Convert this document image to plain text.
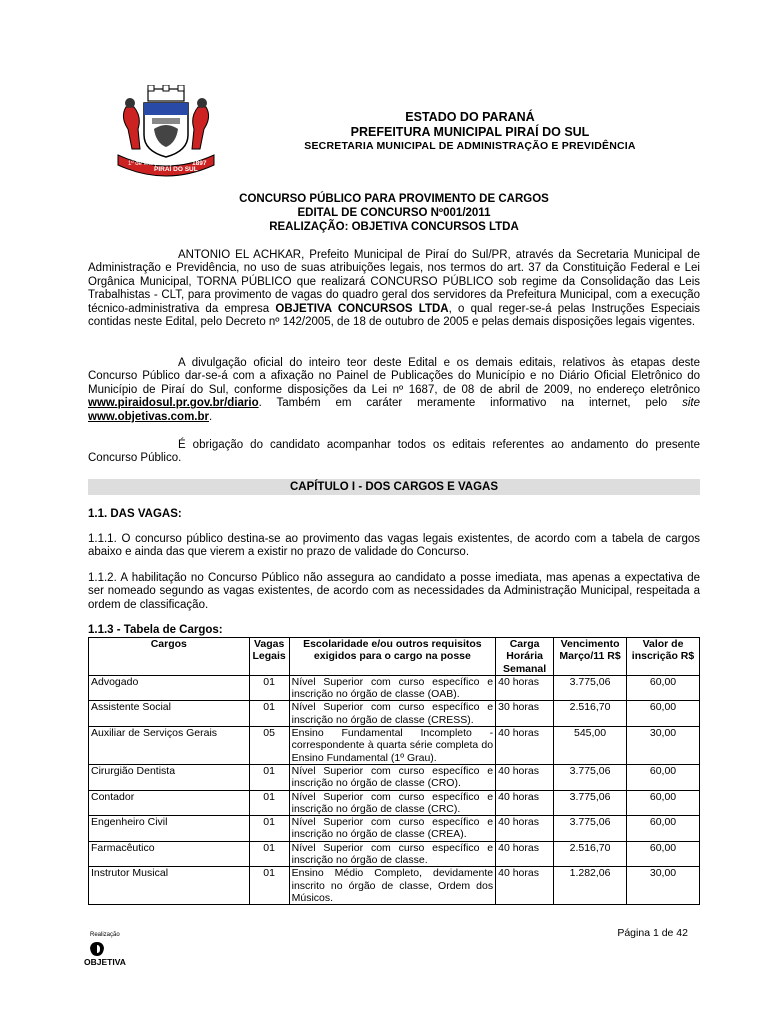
1º de Março
PIRAÍ DO SUL
1897
ESTADO DO PARANÁ
PREFEITURA MUNICIPAL PIRAÍ DO SUL
SECRETARIA MUNICIPAL DE ADMINISTRAÇÃO E PREVIDÊNCIA
CONCURSO PÚBLICO PARA PROVIMENTO DE CARGOS
EDITAL DE CONCURSO Nº001/2011
REALIZAÇÃO: OBJETIVA CONCURSOS LTDA
ANTONIO EL ACHKAR, Prefeito Municipal de Piraí do Sul/PR, através da Secretaria Municipal de Administração e Previdência, no uso de suas atribuições legais, nos termos do art. 37 da Constituição Federal e Lei Orgânica Municipal, TORNA PÚBLICO que realizará CONCURSO PÚBLICO sob regime da Consolidação das Leis Trabalhistas - CLT, para provimento de vagas do quadro geral dos servidores da Prefeitura Municipal, com a execução técnico-administrativa da empresa OBJETIVA CONCURSOS LTDA, o qual reger-se-á pelas Instruções Especiais contidas neste Edital, pelo Decreto nº 142/2005, de 18 de outubro de 2005 e pelas demais disposições legais vigentes.
A divulgação oficial do inteiro teor deste Edital e os demais editais, relativos às etapas deste Concurso Público dar-se-á com a afixação no Painel de Publicações do Município e no Diário Oficial Eletrônico do Município de Piraí do Sul, conforme disposições da Lei nº 1687, de 08 de abril de 2009, no endereço eletrônico www.piraidosul.pr.gov.br/diario. Também em caráter meramente informativo na internet, pelo site www.objetivas.com.br.
É obrigação do candidato acompanhar todos os editais referentes ao andamento do presente Concurso Público.
CAPÍTULO I - DOS CARGOS E VAGAS
1.1. DAS VAGAS:
1.1.1. O concurso público destina-se ao provimento das vagas legais existentes, de acordo com a tabela de cargos abaixo e ainda das que vierem a existir no prazo de validade do Concurso.
1.1.2. A habilitação no Concurso Público não assegura ao candidato a posse imediata, mas apenas a expectativa de ser nomeado segundo as vagas existentes, de acordo com as necessidades da Administração Municipal, respeitada a ordem de classificação.
1.1.3 - Tabela de Cargos:
Cargos	Vagas Legais	Escolaridade e/ou outros requisitos exigidos para o cargo na posse	Carga Horária Semanal	Vencimento Março/11 R$	Valor de inscrição R$
Advogado	01	Nível Superior com curso específico e inscrição no órgão de classe (OAB).	40 horas	3.775,06	60,00
Assistente Social	01	Nível Superior com curso específico e inscrição no órgão de classe (CRESS).	30 horas	2.516,70	60,00
Auxiliar de Serviços Gerais	05	Ensino Fundamental Incompleto - correspondente à quarta série completa do Ensino Fundamental (1º Grau).	40 horas	545,00	30,00
Cirurgião Dentista	01	Nível Superior com curso específico e inscrição no órgão de classe (CRO).	40 horas	3.775,06	60,00
Contador	01	Nível Superior com curso específico e inscrição no órgão de classe (CRC).	40 horas	3.775,06	60,00
Engenheiro Civil	01	Nível Superior com curso específico e inscrição no órgão de classe (CREA).	40 horas	3.775,06	60,00
Farmacêutico	01	Nível Superior com curso específico e inscrição no órgão de classe.	40 horas	2.516,70	60,00
Instrutor Musical	01	Ensino Médio Completo, devidamente inscrito no órgão de classe, Ordem dos Músicos.	40 horas	1.282,06	30,00
Realização
OBJETIVA
Página 1 de 42
